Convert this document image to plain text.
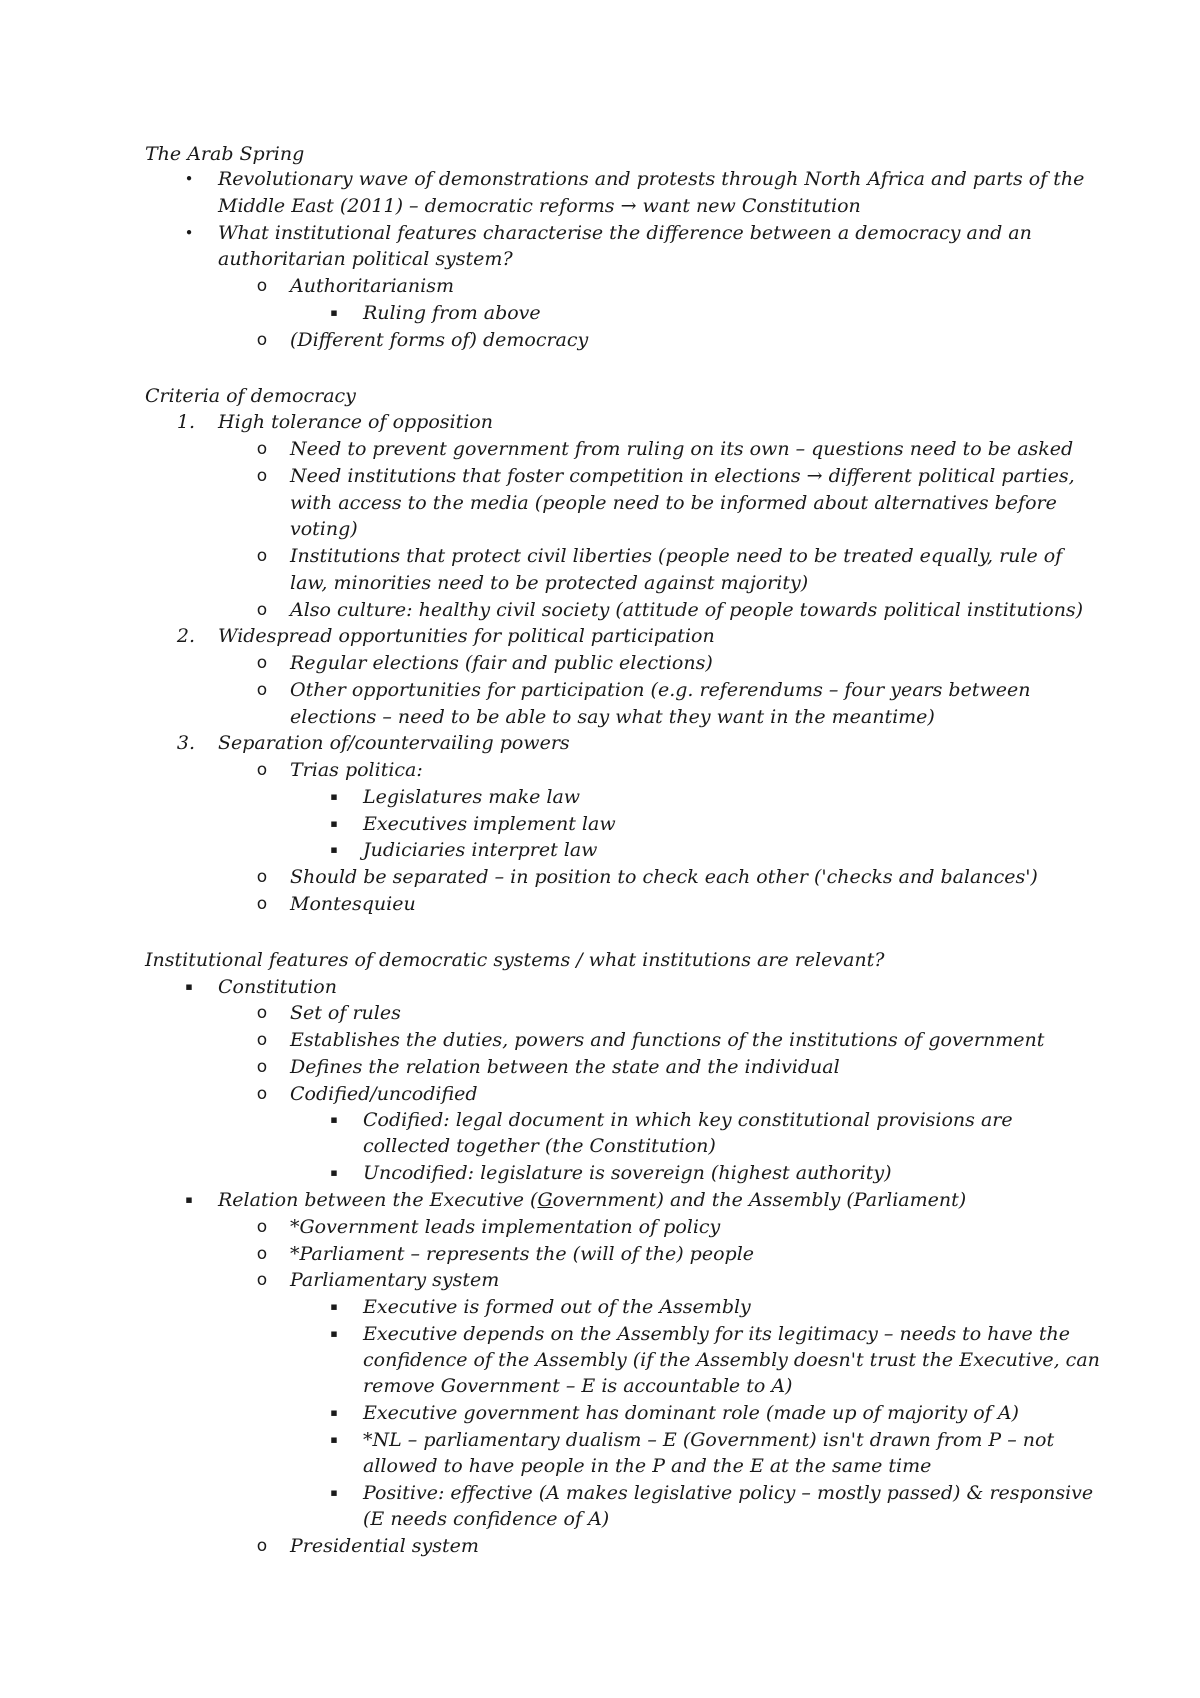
The Arab Spring
• Revolutionary wave of demonstrations and protests through North Africa and parts of the
Middle East (2011) – democratic reforms → want new Constitution
• What institutional features characterise the difference between a democracy and an
authoritarian political system?
o Authoritarianism
▪ Ruling from above
o (Different forms of) democracy
Criteria of democracy
1. High tolerance of opposition
o Need to prevent government from ruling on its own – questions need to be asked
o Need institutions that foster competition in elections → different political parties,
with access to the media (people need to be informed about alternatives before
voting)
o Institutions that protect civil liberties (people need to be treated equally, rule of
law, minorities need to be protected against majority)
o Also culture: healthy civil society (attitude of people towards political institutions)
2. Widespread opportunities for political participation
o Regular elections (fair and public elections)
o Other opportunities for participation (e.g. referendums – four years between
elections – need to be able to say what they want in the meantime)
3. Separation of/countervailing powers
o Trias politica:
▪ Legislatures make law
▪ Executives implement law
▪ Judiciaries interpret law
o Should be separated – in position to check each other ('checks and balances')
o Montesquieu
Institutional features of democratic systems / what institutions are relevant?
▪ Constitution
o Set of rules
o Establishes the duties, powers and functions of the institutions of government
o Defines the relation between the state and the individual
o Codified/uncodified
▪ Codified: legal document in which key constitutional provisions are
collected together (the Constitution)
▪ Uncodified: legislature is sovereign (highest authority)
▪ Relation between the Executive (Government) and the Assembly (Parliament)
o *Government leads implementation of policy
o *Parliament – represents the (will of the) people
o Parliamentary system
▪ Executive is formed out of the Assembly
▪ Executive depends on the Assembly for its legitimacy – needs to have the
confidence of the Assembly (if the Assembly doesn't trust the Executive, can
remove Government – E is accountable to A)
▪ Executive government has dominant role (made up of majority of A)
▪ *NL – parliamentary dualism – E (Government) isn't drawn from P – not
allowed to have people in the P and the E at the same time
▪ Positive: effective (A makes legislative policy – mostly passed) & responsive
(E needs confidence of A)
o Presidential system
